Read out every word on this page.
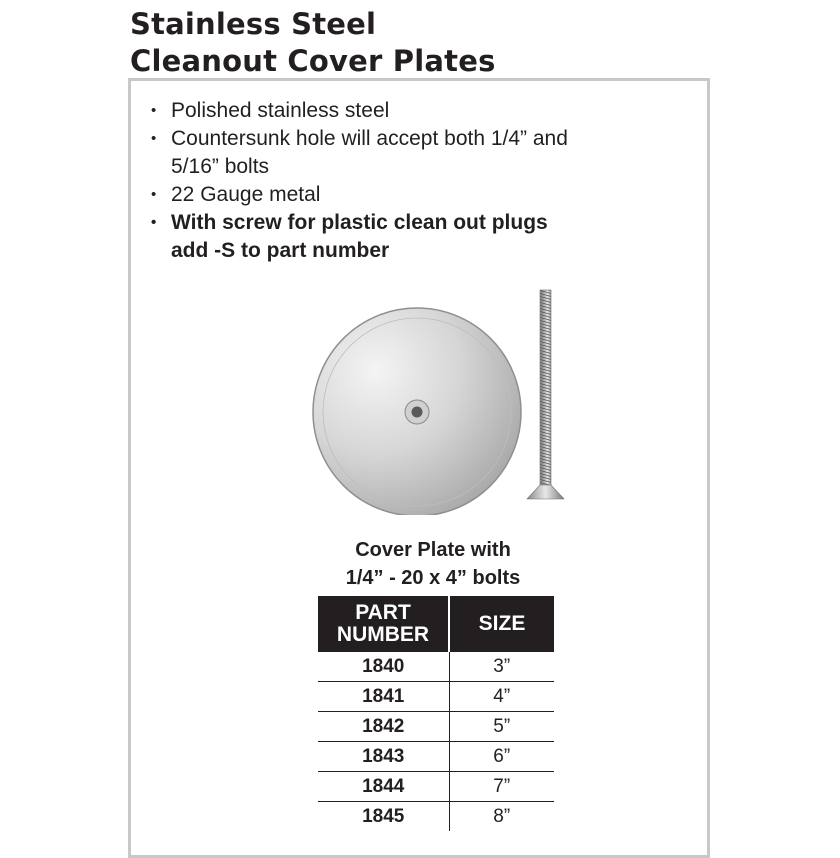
Stainless Steel
Cleanout Cover Plates
• Polished stainless steel
• Countersunk hole will accept both 1/4” and
5/16” bolts
• 22 Gauge metal
• With screw for plastic clean out plugs
add -S to part number
Cover Plate with
1/4” - 20 x 4” bolts
PART
NUMBER	SIZE
1840	3”
1841	4”
1842	5”
1843	6”
1844	7”
1845	8”
